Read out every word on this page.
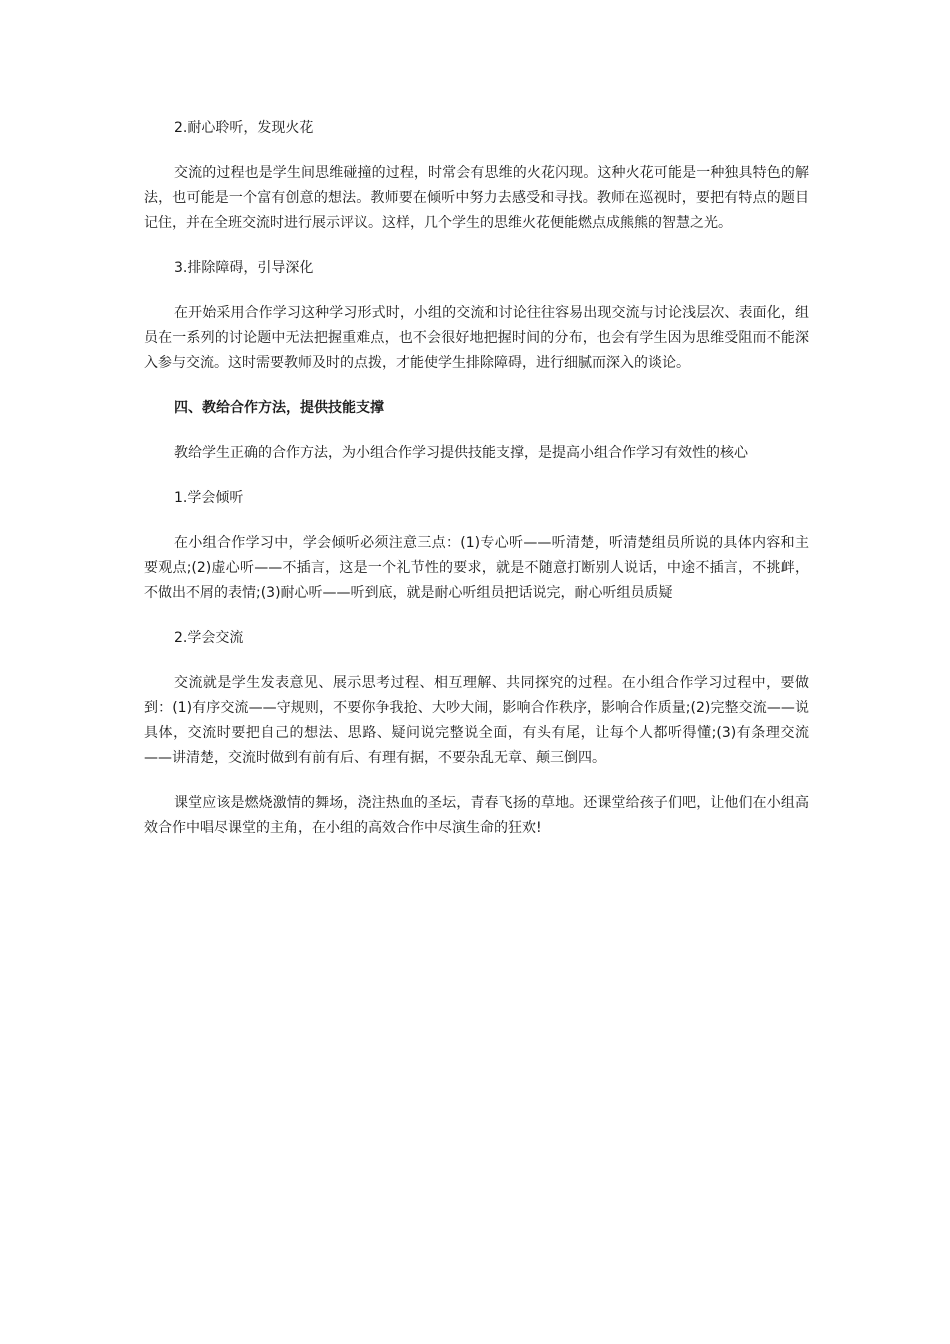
2.耐心聆听，发现火花

交流的过程也是学生间思维碰撞的过程，时常会有思维的火花闪现。这种火花可能是一种独具特色的解法，也可能是一个富有创意的想法。教师要在倾听中努力去感受和寻找。教师在巡视时，要把有特点的题目记住，并在全班交流时进行展示评议。这样，几个学生的思维火花便能燃点成熊熊的智慧之光。

3.排除障碍，引导深化

在开始采用合作学习这种学习形式时，小组的交流和讨论往往容易出现交流与讨论浅层次、表面化，组员在一系列的讨论题中无法把握重难点，也不会很好地把握时间的分布，也会有学生因为思维受阻而不能深入参与交流。这时需要教师及时的点拨，才能使学生排除障碍，进行细腻而深入的谈论。

四、教给合作方法，提供技能支撑

教给学生正确的合作方法，为小组合作学习提供技能支撑，是提高小组合作学习有效性的核心

1.学会倾听

在小组合作学习中，学会倾听必须注意三点：(1)专心听——听清楚，听清楚组员所说的具体内容和主要观点;(2)虚心听——不插言，这是一个礼节性的要求，就是不随意打断别人说话，中途不插言，不挑衅，不做出不屑的表情;(3)耐心听——听到底，就是耐心听组员把话说完，耐心听组员质疑

2.学会交流

交流就是学生发表意见、展示思考过程、相互理解、共同探究的过程。在小组合作学习过程中，要做到：(1)有序交流——守规则，不要你争我抢、大吵大闹，影响合作秩序，影响合作质量;(2)完整交流——说具体，交流时要把自己的想法、思路、疑问说完整说全面，有头有尾，让每个人都听得懂;(3)有条理交流——讲清楚，交流时做到有前有后、有理有据，不要杂乱无章、颠三倒四。

课堂应该是燃烧激情的舞场，浇注热血的圣坛，青春飞扬的草地。还课堂给孩子们吧，让他们在小组高效合作中唱尽课堂的主角，在小组的高效合作中尽演生命的狂欢!
